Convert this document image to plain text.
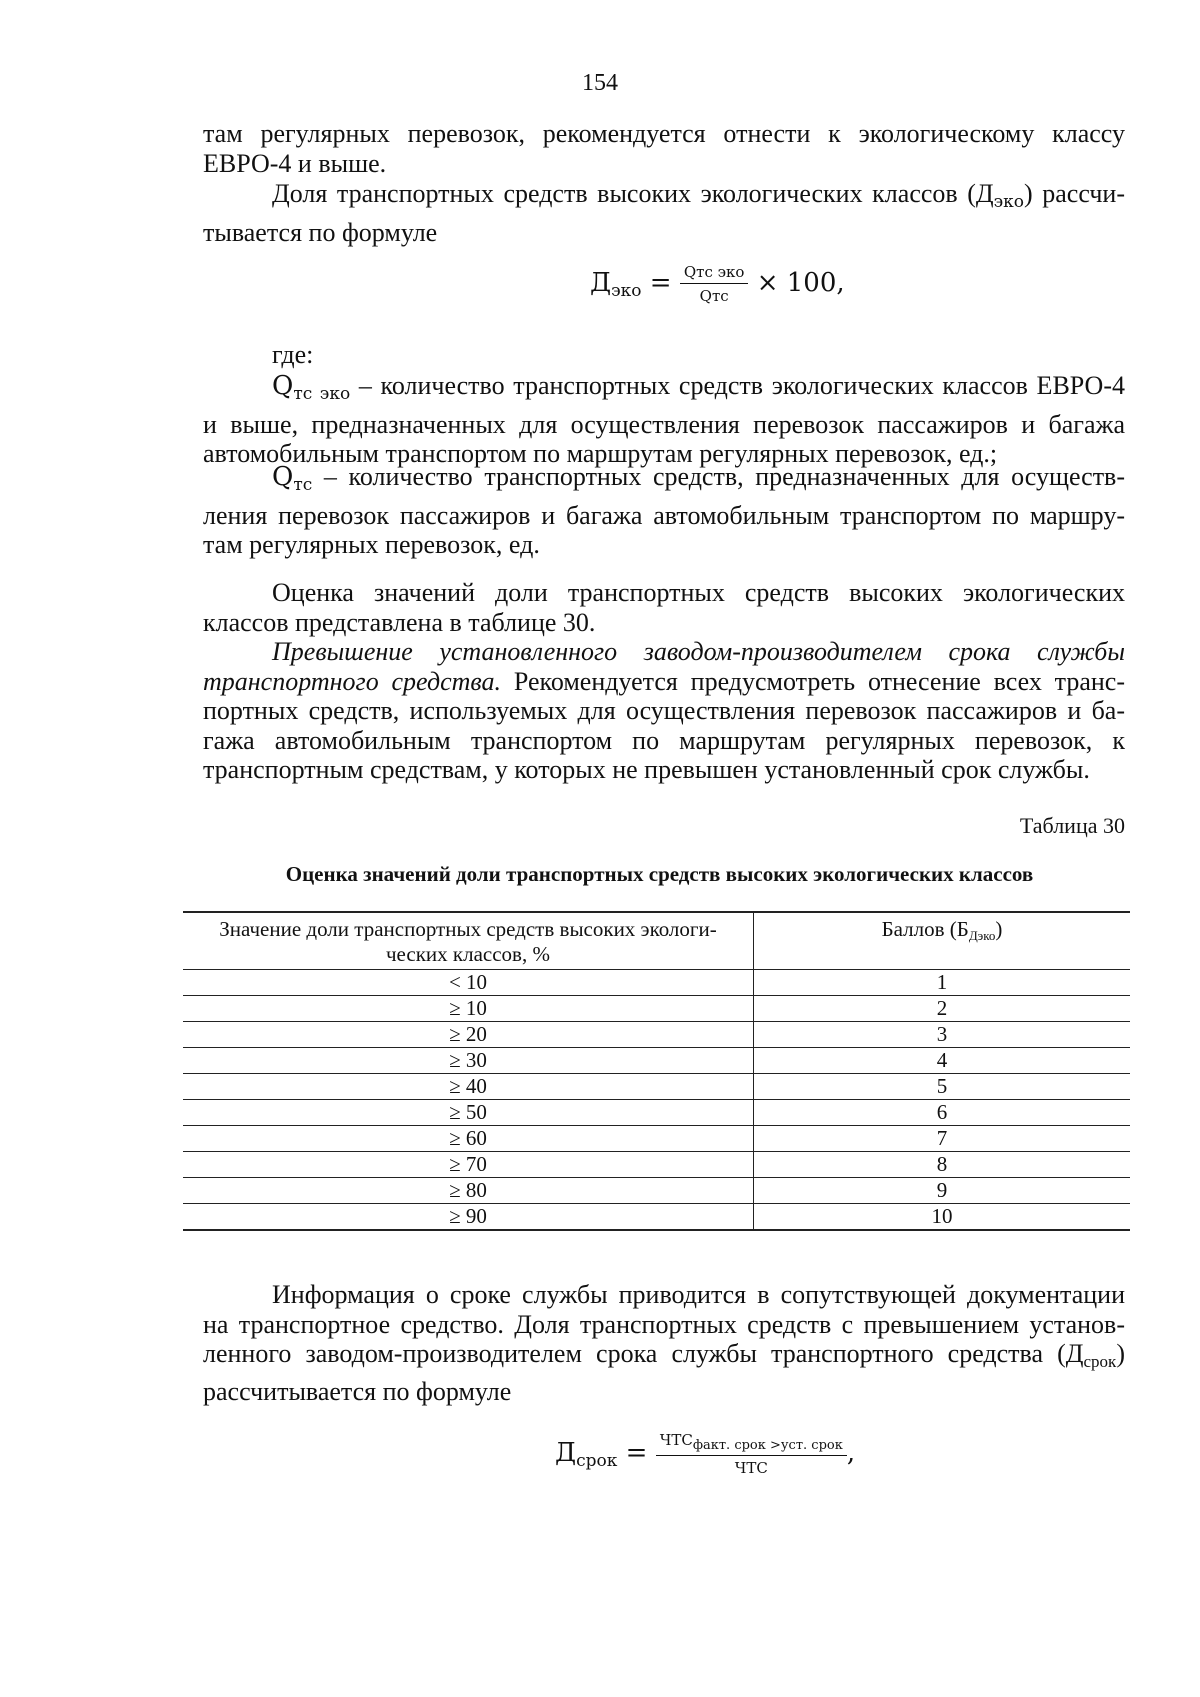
154
там регулярных перевозок, рекомендуется отнести к экологическому классу
ЕВРО-4 и выше.
Доля транспортных средств высоких экологических классов $(Д_{эко})$ рассчи-
тывается по формуле
$Д_{эко} = \frac{\text{Qтс эко}}{\text{Qтс}} \times 100$,
где:
$Q_{тс эко}$ – количество транспортных средств экологических классов ЕВРО-4
и выше, предназначенных для осуществления перевозок пассажиров и багажа
автомобильным транспортом по маршрутам регулярных перевозок, ед.;
$Q_{тс}$ – количество транспортных средств, предназначенных для осуществ-
ления перевозок пассажиров и багажа автомобильным транспортом по маршру-
там регулярных перевозок, ед.
Оценка значений доли транспортных средств высоких экологических
классов представлена в таблице 30.
Превышение установленного заводом-производителем срока службы
транспортного средства. Рекомендуется предусмотреть отнесение всех транс-
портных средств, используемых для осуществления перевозок пассажиров и ба-
гажа автомобильным транспортом по маршрутам регулярных перевозок, к
транспортным средствам, у которых не превышен установленный срок службы.
Таблица 30
Оценка значений доли транспортных средств высоких экологических классов
Значение доли транспортных средств высоких экологи-
ческих классов, %	Баллов (БДэко)

< 10	1
≥ 10	2
≥ 20	3
≥ 30	4
≥ 40	5
≥ 50	6
≥ 60	7
≥ 70	8
≥ 80	9
≥ 90	10
Информация о сроке службы приводится в сопутствующей документации
на транспортное средство. Доля транспортных средств с превышением установ-
ленного заводом-производителем срока службы транспортного средства $(Д_{срок})$
рассчитывается по формуле
$Д_{срок} = \frac{\text{ЧТСфакт. срок >уст. срок}}{\text{ЧТС}}$ ,
